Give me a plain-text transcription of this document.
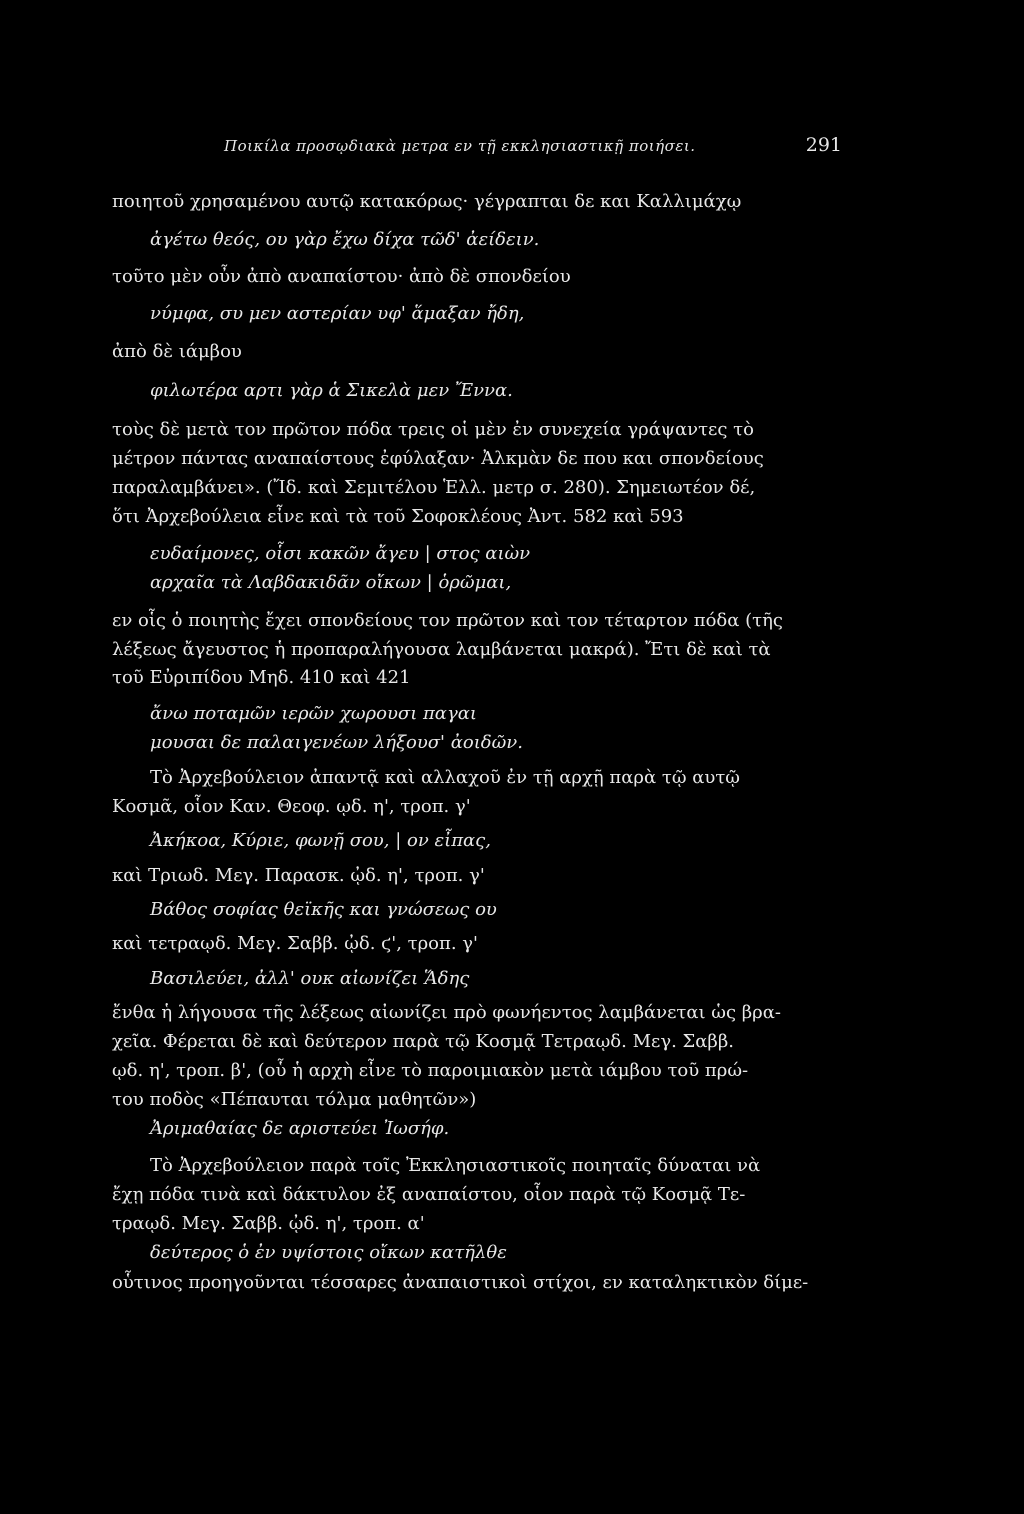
Ποικίλα προσῳδιακὰ μετρα εν τῇ εκκλησιαστικῇ ποιήσει.	291
ποιητοῦ χρησαμένου αυτῷ κατακόρως· γέγραπται δε και Καλλιμάχῳ
ἀγέτω θεός, ου γὰρ ἔχω δίχα τῶδ' ἀείδειν.
τοῦτο μὲν οὖν ἀπὸ αναπαίστου· ἀπὸ δὲ σπονδείου
νύμφα, συ μεν αστερίαν υφ' ἅμαξαν ἤδη,
ἀπὸ δὲ ιάμβου
φιλωτέρα αρτι γὰρ ἁ Σικελὰ μεν Ἔννα.
τοὺς δὲ μετὰ τον πρῶτον πόδα τρεις οἱ μὲν ἐν συνεχεία γράψαντες τὸ
μέτρον πάντας αναπαίστους ἐφύλαξαν· Ἀλκμὰν δε που και σπονδείους
παραλαμβάνει». (Ἴδ. καὶ Σεμιτέλου Ἑλλ. μετρ σ. 280). Σημειωτέον δέ,
ὅτι Ἀρχεβούλεια εἶνε καὶ τὰ τοῦ Σοφοκλέους Ἀντ. 582 καὶ 593
ευδαίμονες, οἷσι κακῶν ἄγευ | στος αιὼν
αρχαῖα τὰ Λαβδακιδᾶν οἴκων | ὁρῶμαι,
εν οἷς ὁ ποιητὴς ἔχει σπονδείους τον πρῶτον καὶ τον τέταρτον πόδα (τῆς
λέξεως ἄγευστος ἡ προπαραλήγουσα λαμβάνεται μακρά). Ἔτι δὲ καὶ τὰ
τοῦ Εὐριπίδου Μηδ. 410 καὶ 421
ἄνω ποταμῶν ιερῶν χωρουσι παγαι
μουσαι δε παλαιγενέων λήξουσ' ἀοιδῶν.
Τὸ Ἀρχεβούλειον ἀπαντᾷ καὶ αλλαχοῦ ἐν τῇ αρχῇ παρὰ τῷ αυτῷ
Κοσμᾶ, οἷον Καν. Θεοφ. ῳδ. η', τροπ. γ'
Ἀκήκοα, Κύριε, φωνῇ σου, | ον εἶπας,
καὶ Τριωδ. Μεγ. Παρασκ. ᾠδ. η', τροπ. γ'
Βάθος σοφίας θεϊκῆς και γνώσεως ου
καὶ τετραῳδ. Μεγ. Σαββ. ᾠδ. ϛ', τροπ. γ'
Βασιλεύει, ἀλλ' ουκ αἰωνίζει Ἅδης
ἔνθα ἡ λήγουσα τῆς λέξεως αἰωνίζει πρὸ φωνήεντος λαμβάνεται ὡς βρα-
χεῖα. Φέρεται δὲ καὶ δεύτερον παρὰ τῷ Κοσμᾷ Τετραῳδ. Μεγ. Σαββ.
ῳδ. η', τροπ. β', (οὗ ἡ αρχὴ εἶνε τὸ παροιμιακὸν μετὰ ιάμβου τοῦ πρώ-
του ποδὸς «Πέπαυται τόλμα μαθητῶν»)
Ἀριμαθαίας δε αριστεύει Ἰωσήφ.
Τὸ Ἀρχεβούλειον παρὰ τοῖς Ἐκκλησιαστικοῖς ποιηταῖς δύναται νὰ
ἔχῃ πόδα τινὰ καὶ δάκτυλον ἐξ αναπαίστου, οἷον παρὰ τῷ Κοσμᾷ Τε-
τραῳδ. Μεγ. Σαββ. ᾠδ. η', τροπ. α'
δεύτερος ὁ ἐν υψίστοις οἴκων κατῆλθε
οὗτινος προηγοῦνται τέσσαρες ἀναπαιστικοὶ στίχοι, εν καταληκτικὸν δίμε-
